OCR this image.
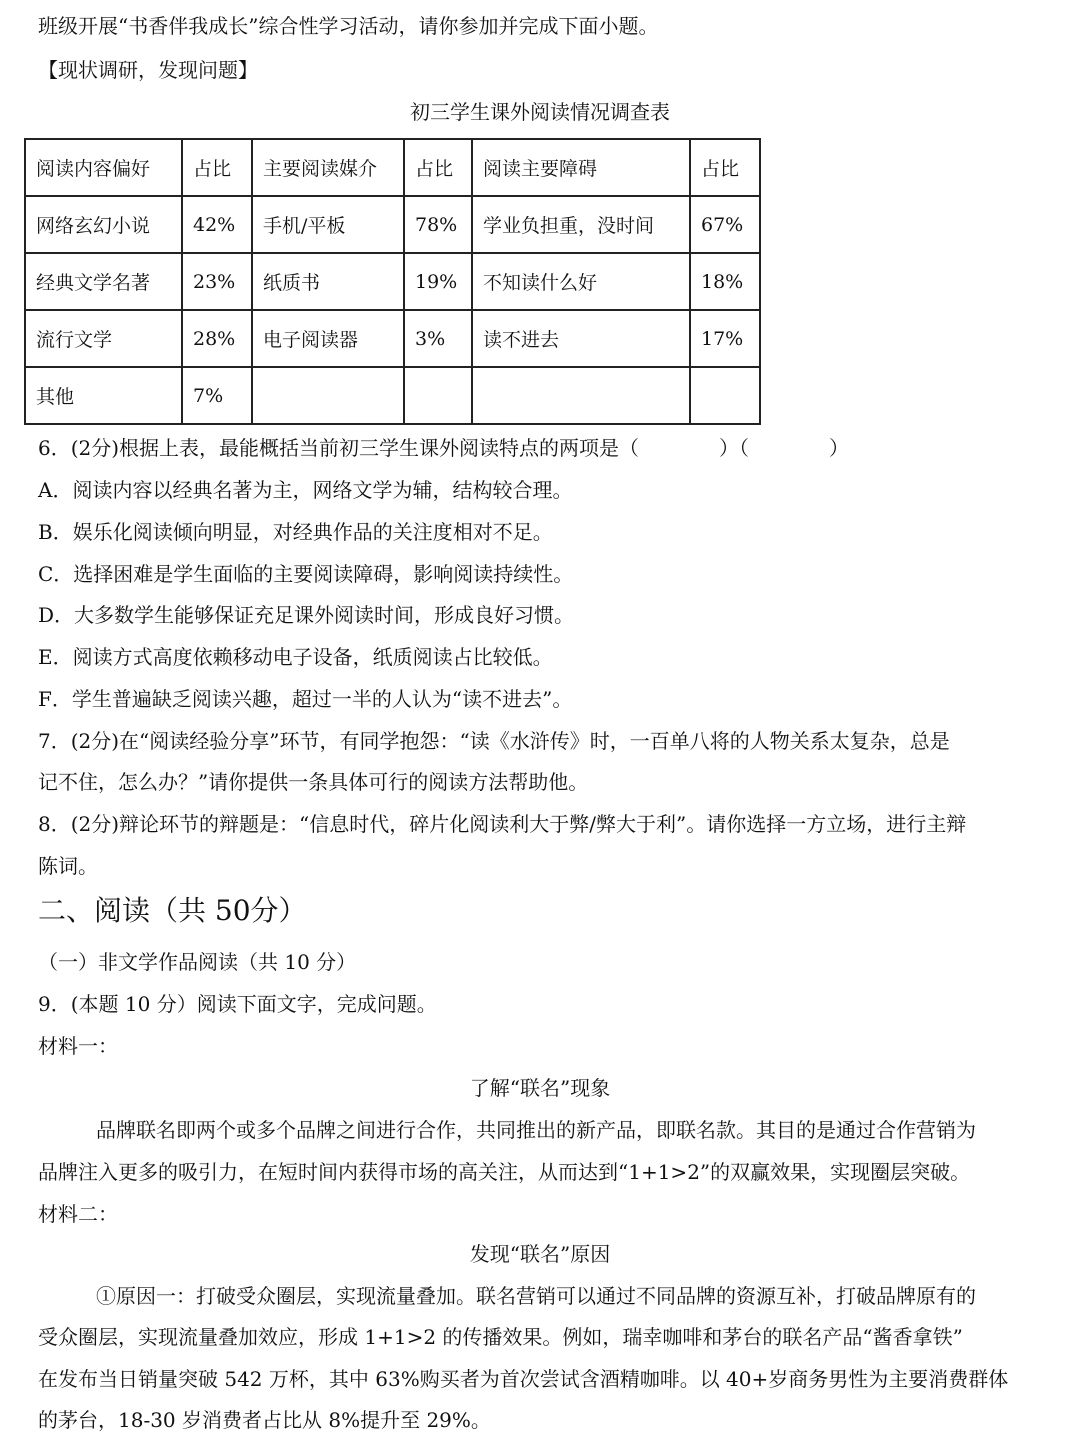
班级开展“书香伴我成长”综合性学习活动，请你参加并完成下面小题。
【现状调研，发现问题】
初三学生课外阅读情况调查表
阅读内容偏好	占比	主要阅读媒介	占比	阅读主要障碍	占比
网络玄幻小说	42%	手机/平板	78%	学业负担重，没时间	67%
经典文学名著	23%	纸质书	19%	不知读什么好	18%
流行文学	28%	电子阅读器	3%	读不进去	17%
其他	7%				
6．(2分)根据上表，最能概括当前初三学生课外阅读特点的两项是（　　　　）（　　　　）
A．阅读内容以经典名著为主，网络文学为辅，结构较合理。
B．娱乐化阅读倾向明显，对经典作品的关注度相对不足。
C．选择困难是学生面临的主要阅读障碍，影响阅读持续性。
D．大多数学生能够保证充足课外阅读时间，形成良好习惯。
E．阅读方式高度依赖移动电子设备，纸质阅读占比较低。
F．学生普遍缺乏阅读兴趣，超过一半的人认为“读不进去”。
7．(2分)在“阅读经验分享”环节，有同学抱怨：“读《水浒传》时，一百单八将的人物关系太复杂，总是
记不住，怎么办？”请你提供一条具体可行的阅读方法帮助他。
8．(2分)辩论环节的辩题是：“信息时代，碎片化阅读利大于弊/弊大于利”。请你选择一方立场，进行主辩
陈词。
二、阅读（共 50分）
（一）非文学作品阅读（共 10 分）
9．(本题 10 分）阅读下面文字，完成问题。
材料一：
了解“联名”现象
品牌联名即两个或多个品牌之间进行合作，共同推出的新产品，即联名款。其目的是通过合作营销为
品牌注入更多的吸引力，在短时间内获得市场的高关注，从而达到“1+1>2”的双赢效果，实现圈层突破。
材料二：
发现“联名”原因
①原因一：打破受众圈层，实现流量叠加。联名营销可以通过不同品牌的资源互补，打破品牌原有的
受众圈层，实现流量叠加效应，形成 1+1>2 的传播效果。例如，瑞幸咖啡和茅台的联名产品“酱香拿铁”
在发布当日销量突破 542 万杯，其中 63%购买者为首次尝试含酒精咖啡。以 40+岁商务男性为主要消费群体
的茅台，18-30 岁消费者占比从 8%提升至 29%。
